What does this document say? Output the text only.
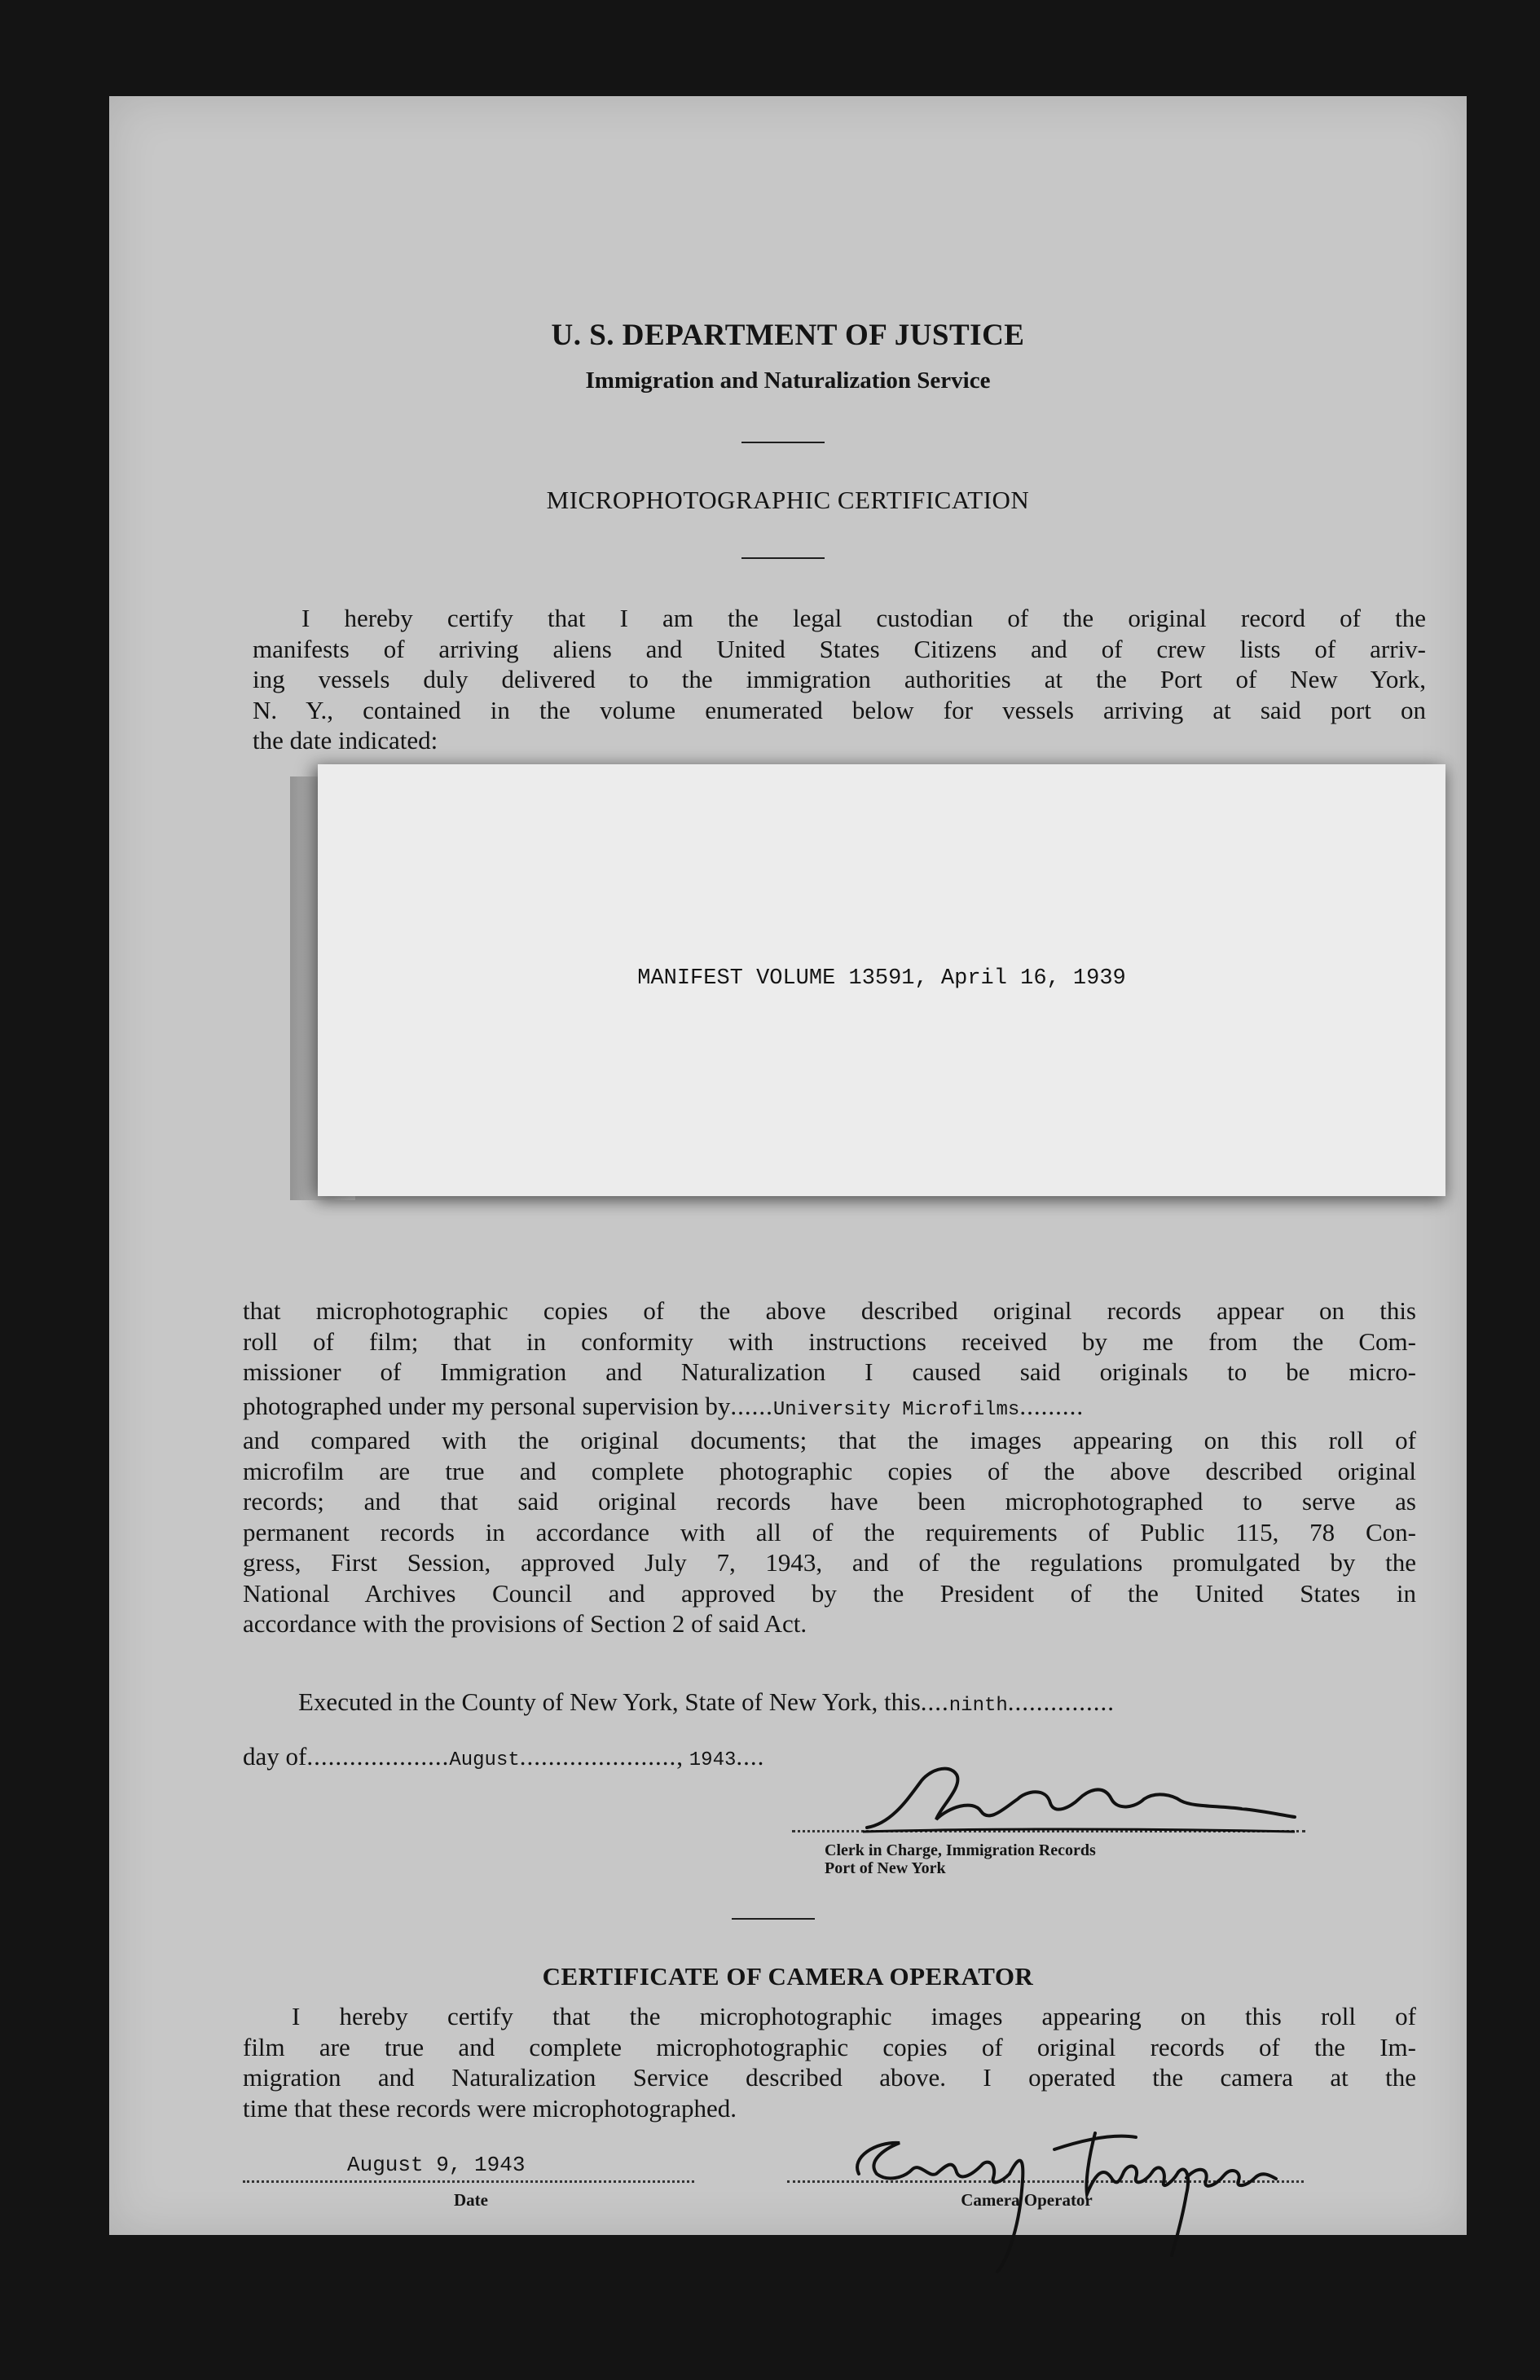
U. S. DEPARTMENT OF JUSTICE
Immigration and Naturalization Service
MICROPHOTOGRAPHIC CERTIFICATION
I hereby certify that I am the legal custodian of the original record of the
manifests of arriving aliens and United States Citizens and of crew lists of arriv-
ing vessels duly delivered to the immigration authorities at the Port of New York,
N. Y., contained in the volume enumerated below for vessels arriving at said port on
the date indicated:
MANIFEST VOLUME 13591, April 16, 1939
that microphotographic copies of the above described original records appear on this
roll of film; that in conformity with instructions received by me from the Com-
missioner of Immigration and Naturalization I caused said originals to be micro-
photographed under my personal supervision by......University Microfilms.........
and compared with the original documents; that the images appearing on this roll of
microfilm are true and complete photographic copies of the above described original
records; and that said original records have been microphotographed to serve as
permanent records in accordance with all of the requirements of Public 115, 78 Con-
gress, First Session, approved July 7, 1943, and of the regulations promulgated by the
National Archives Council and approved by the President of the United States in
accordance with the provisions of Section 2 of said Act.
Executed in the County of New York, State of New York, this....ninth...............
day of....................August......................, 1943....
Clerk in Charge, Immigration Records
Port of New York
CERTIFICATE OF CAMERA OPERATOR
I hereby certify that the microphotographic images appearing on this roll of
film are true and complete microphotographic copies of original records of the Im-
migration and Naturalization Service described above. I operated the camera at the
time that these records were microphotographed.
August 9, 1943
Date	Camera Operator
